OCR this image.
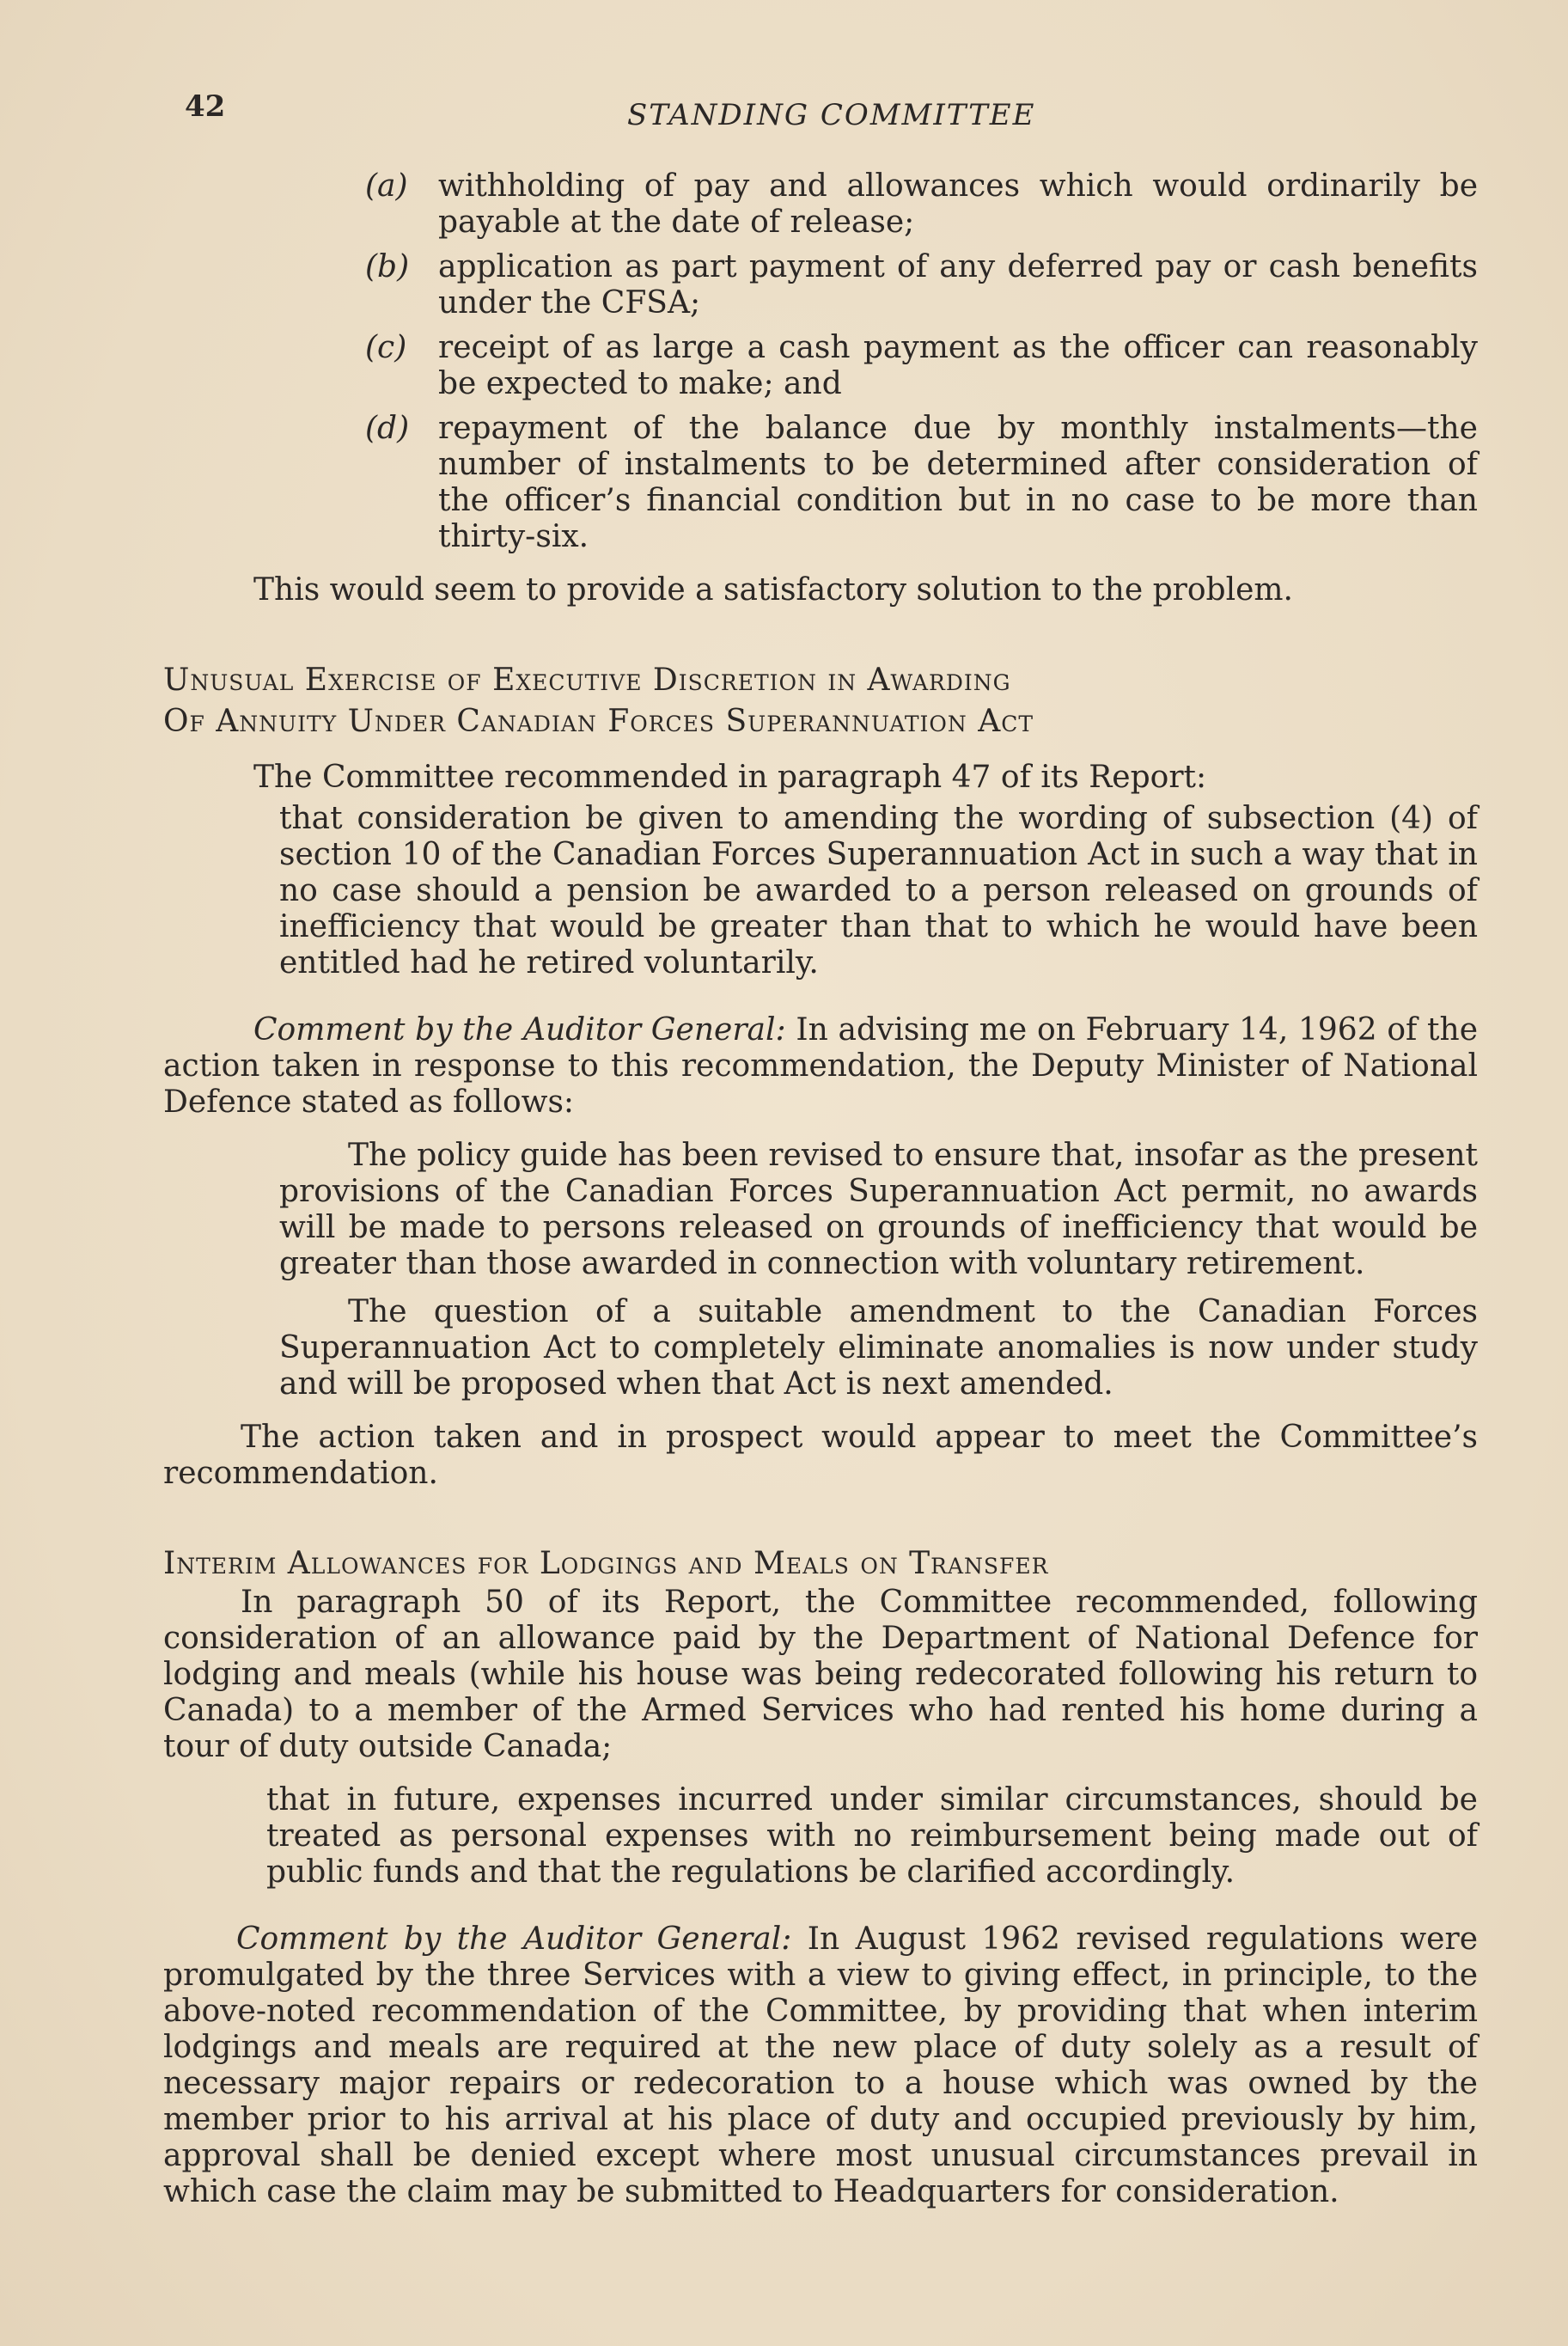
42	STANDING COMMITTEE
(a) withholding of pay and allowances which would ordinarily be payable at the date of release;
(b) application as part payment of any deferred pay or cash benefits under the CFSA;
(c) receipt of as large a cash payment as the officer can reasonably be expected to make; and
(d) repayment of the balance due by monthly instalments—the number of instalments to be determined after consideration of the officer’s financial condition but in no case to be more than thirty-six.

This would seem to provide a satisfactory solution to the problem.

Unusual Exercise of Executive Discretion in Awarding
Of Annuity Under Canadian Forces Superannuation Act

The Committee recommended in paragraph 47 of its Report:

that consideration be given to amending the wording of subsection (4) of section 10 of the Canadian Forces Superannuation Act in such a way that in no case should a pension be awarded to a person released on grounds of inefficiency that would be greater than that to which he would have been entitled had he retired voluntarily.

Comment by the Auditor General: In advising me on February 14, 1962 of the action taken in response to this recommendation, the Deputy Minister of National Defence stated as follows:

The policy guide has been revised to ensure that, insofar as the present provisions of the Canadian Forces Superannuation Act permit, no awards will be made to persons released on grounds of inefficiency that would be greater than those awarded in connection with voluntary retirement.

The question of a suitable amendment to the Canadian Forces Superannuation Act to completely eliminate anomalies is now under study and will be proposed when that Act is next amended.

The action taken and in prospect would appear to meet the Committee’s recommendation.

Interim Allowances for Lodgings and Meals on Transfer

In paragraph 50 of its Report, the Committee recommended, following consideration of an allowance paid by the Department of National Defence for lodging and meals (while his house was being redecorated following his return to Canada) to a member of the Armed Services who had rented his home during a tour of duty outside Canada;

that in future, expenses incurred under similar circumstances, should be treated as personal expenses with no reimbursement being made out of public funds and that the regulations be clarified accordingly.

Comment by the Auditor General: In August 1962 revised regulations were promulgated by the three Services with a view to giving effect, in principle, to the above-noted recommendation of the Committee, by providing that when interim lodgings and meals are required at the new place of duty solely as a result of necessary major repairs or redecoration to a house which was owned by the member prior to his arrival at his place of duty and occupied previously by him, approval shall be denied except where most unusual circumstances prevail in which case the claim may be submitted to Headquarters for consideration.
